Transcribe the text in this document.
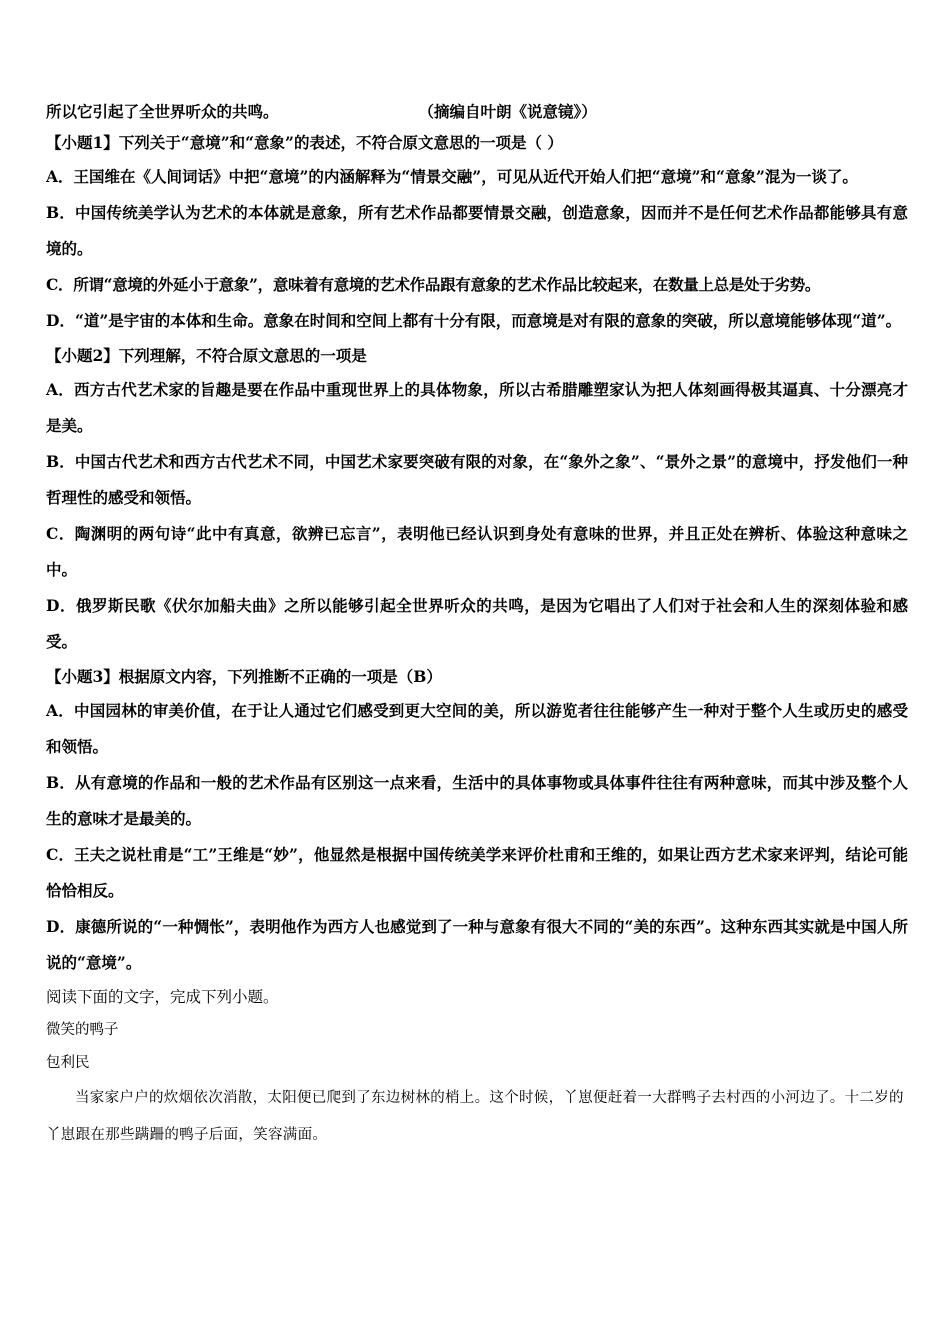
所以它引起了全世界听众的共鸣。	（摘编自叶朗《说意镜》）
【小题1】下列关于“意境”和“意象”的表述，不符合原文意思的一项是（ ）
A．王国维在《人间词话》中把“意境”的内涵解释为“情景交融”，可见从近代开始人们把“意境”和“意象”混为一谈了。
B．中国传统美学认为艺术的本体就是意象，所有艺术作品都要情景交融，创造意象，因而并不是任何艺术作品都能够具有意境的。
C．所谓“意境的外延小于意象”，意味着有意境的艺术作品跟有意象的艺术作品比较起来，在数量上总是处于劣势。
D．“道”是宇宙的本体和生命。意象在时间和空间上都有十分有限，而意境是对有限的意象的突破，所以意境能够体现“道”。
【小题2】下列理解，不符合原文意思的一项是
A．西方古代艺术家的旨趣是要在作品中重现世界上的具体物象，所以古希腊雕塑家认为把人体刻画得极其逼真、十分漂亮才是美。
B．中国古代艺术和西方古代艺术不同，中国艺术家要突破有限的对象，在“象外之象”、“景外之景”的意境中，抒发他们一种哲理性的感受和领悟。
C．陶渊明的两句诗“此中有真意，欲辨已忘言”，表明他已经认识到身处有意味的世界，并且正处在辨析、体验这种意味之中。
D．俄罗斯民歌《伏尔加船夫曲》之所以能够引起全世界听众的共鸣，是因为它唱出了人们对于社会和人生的深刻体验和感受。
【小题3】根据原文内容，下列推断不正确的一项是（B）
A．中国园林的审美价值，在于让人通过它们感受到更大空间的美，所以游览者往往能够产生一种对于整个人生或历史的感受和领悟。
B．从有意境的作品和一般的艺术作品有区别这一点来看，生活中的具体事物或具体事件往往有两种意味，而其中涉及整个人生的意味才是最美的。
C．王夫之说杜甫是“工”王维是“妙”，他显然是根据中国传统美学来评价杜甫和王维的，如果让西方艺术家来评判，结论可能恰恰相反。
D．康德所说的“一种惆怅”，表明他作为西方人也感觉到了一种与意象有很大不同的“美的东西”。这种东西其实就是中国人所说的“意境”。
阅读下面的文字，完成下列小题。
微笑的鸭子
包利民
当家家户户的炊烟依次消散，太阳便已爬到了东边树林的梢上。这个时候，丫崽便赶着一大群鸭子去村西的小河边了。十二岁的丫崽跟在那些蹒跚的鸭子后面，笑容满面。
